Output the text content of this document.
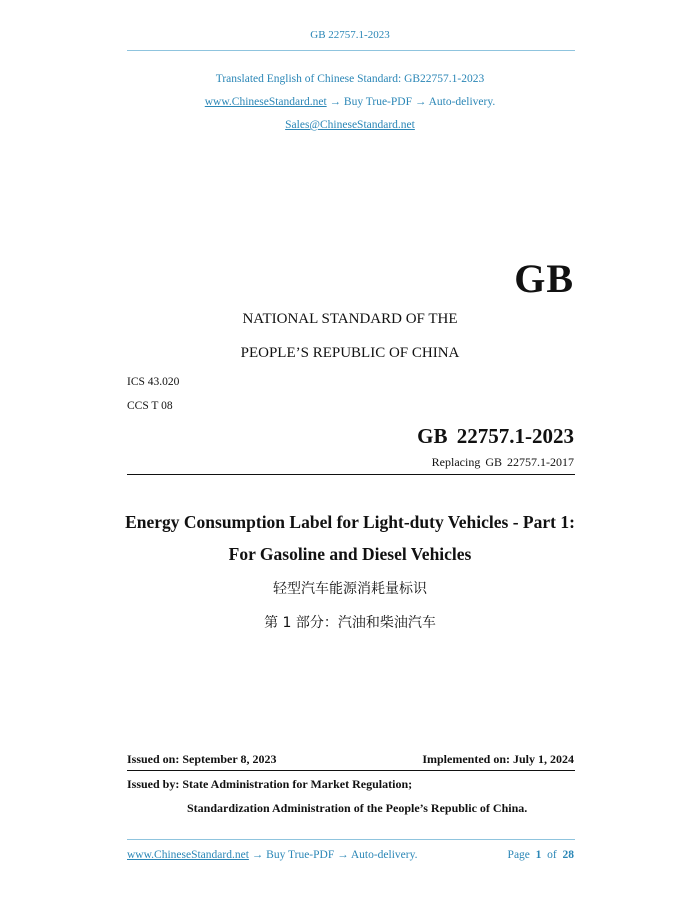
GB 22757.1-2023
Translated English of Chinese Standard: GB22757.1-2023
www.ChineseStandard.net → Buy True-PDF → Auto-delivery.
Sales@ChineseStandard.net
GB
NATIONAL STANDARD OF THE
PEOPLE’S REPUBLIC OF CHINA
ICS 43.020
CCS T 08
GB 22757.1-2023
Replacing GB 22757.1-2017
Energy Consumption Label for Light-duty Vehicles - Part 1:
For Gasoline and Diesel Vehicles
轻型汽车能源消耗量标识
第 1 部分：汽油和柴油汽车
Issued on: September 8, 2023	Implemented on: July 1, 2024
Issued by: State Administration for Market Regulation;
Standardization Administration of the People’s Republic of China.
www.ChineseStandard.net → Buy True-PDF → Auto-delivery.	Page 1 of 28
